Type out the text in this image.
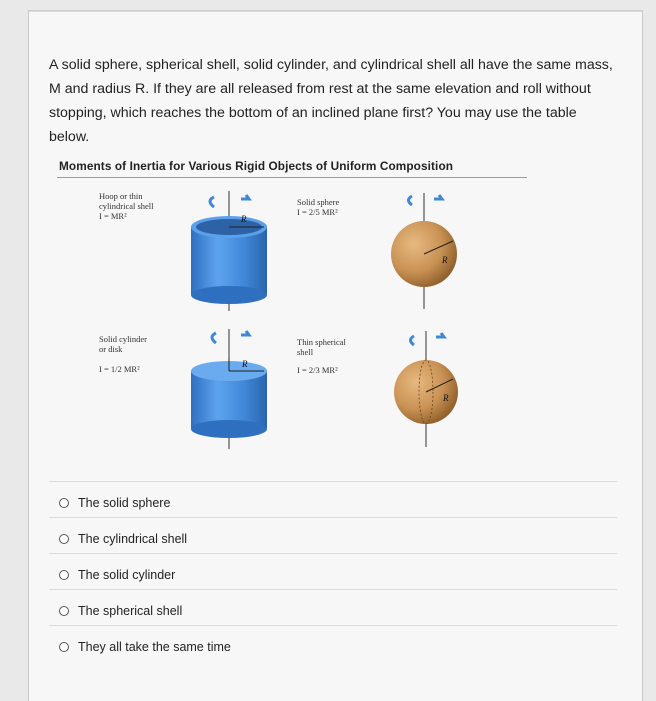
A solid sphere, spherical shell, solid cylinder, and cylindrical shell all have the same mass, M and radius R. If they are all released from rest at the same elevation and roll without stopping, which reaches the bottom of an inclined plane first? You may use the table below.
Moments of Inertia for Various Rigid Objects of Uniform Composition
Hoop or thin
cylindrical shell
I = MR²	R
Solid sphere
I = 2/5 MR²
R
Solid cylinder
or disk
I = 1/2 MR²	R
Thin spherical
shell
I = 2/3 MR²
R
The solid sphere
The cylindrical shell
The solid cylinder
The spherical shell
They all take the same time
